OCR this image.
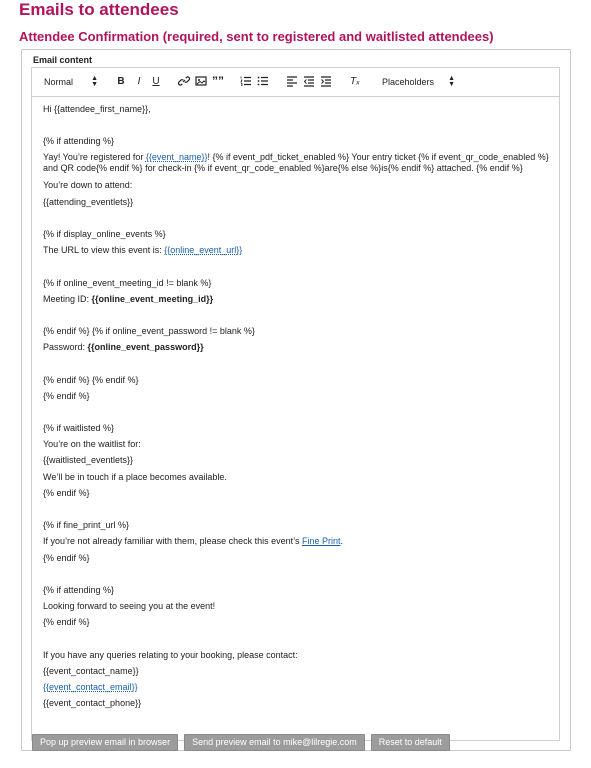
Emails to attendees
Attendee Confirmation (required, sent to registered and waitlisted attendees)
Email content
Normal	▲
▼	B	I	U	””	Tₓ Placeholders ▲
▼
Hi {{attendee_first_name}},
{% if attending %}
Yay! You’re registered for {{event_name}}! {% if event_pdf_ticket_enabled %} Your entry ticket {% if event_qr_code_enabled %} and QR code{% endif %} for check-in {% if event_qr_code_enabled %}are{% else %}is{% endif %} attached. {% endif %}
You’re down to attend:
{{attending_eventlets}}
{% if display_online_events %}
The URL to view this event is: {{online_event_url}}
{% if online_event_meeting_id != blank %}
Meeting ID: {{online_event_meeting_id}}
{% endif %} {% if online_event_password != blank %}
Password: {{online_event_password}}
{% endif %} {% endif %}
{% endif %}
{% if waitlisted %}
You’re on the waitlist for:
{{waitlisted_eventlets}}
We’ll be in touch if a place becomes available.
{% endif %}
{% if fine_print_url %}
If you’re not already familiar with them, please check this event’s Fine Print.
{% endif %}
{% if attending %}
Looking forward to seeing you at the event!
{% endif %}
If you have any queries relating to your booking, please contact:
{{event_contact_name}}
{{event_contact_email}}
{{event_contact_phone}}
Pop up preview email in browser	Send preview email to mike@lilregie.com	Reset to default
